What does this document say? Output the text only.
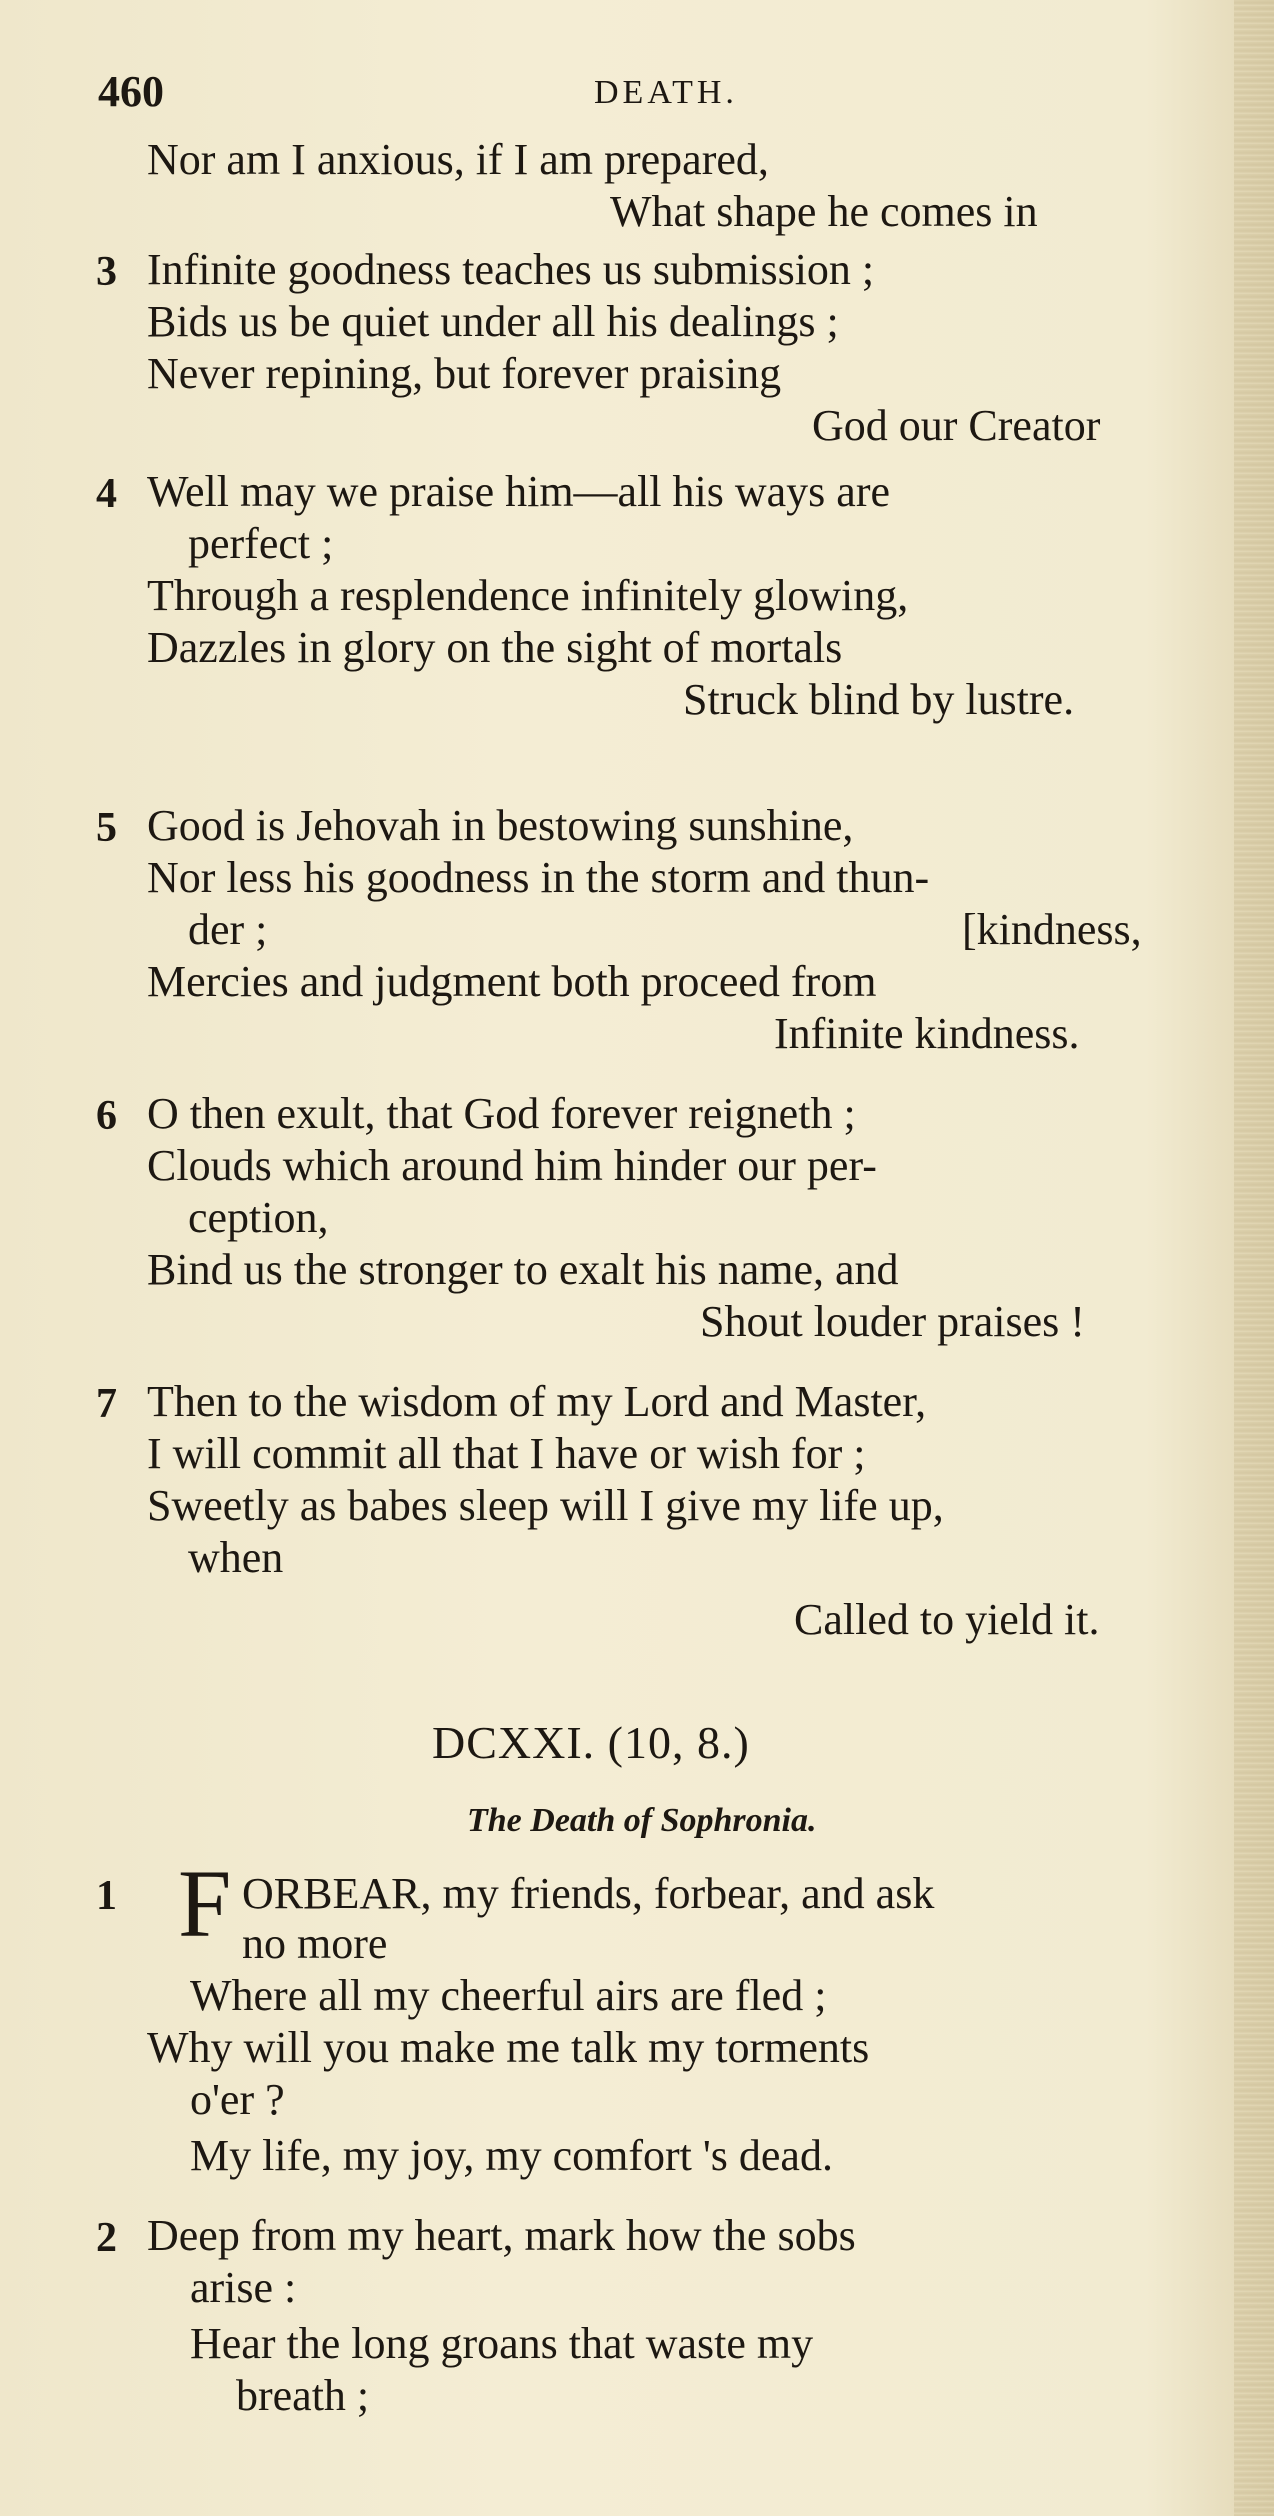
460	DEATH.
Nor am I anxious, if I am prepared,
What shape he comes in
3 Infinite goodness teaches us submission ;
Bids us be quiet under all his dealings ;
Never repining, but forever praising
God our Creator
4 Well may we praise him—all his ways are
perfect ;
Through a resplendence infinitely glowing,
Dazzles in glory on the sight of mortals
Struck blind by lustre.
5 Good is Jehovah in bestowing sunshine,
Nor less his goodness in the storm and thun-
der ;	[kindness,
Mercies and judgment both proceed from
Infinite kindness.
6 O then exult, that God forever reigneth ;
Clouds which around him hinder our per-
ception,
Bind us the stronger to exalt his name, and
Shout louder praises !
7 Then to the wisdom of my Lord and Master,
I will commit all that I have or wish for ;
Sweetly as babes sleep will I give my life up,
when
Called to yield it.
DCXXI. (10, 8.)
The Death of Sophronia.
1 F ORBEAR, my friends, forbear, and ask
no more
Where all my cheerful airs are fled ;
Why will you make me talk my torments
o'er ?
My life, my joy, my comfort 's dead.
2 Deep from my heart, mark how the sobs
arise :
Hear the long groans that waste my
breath ;
